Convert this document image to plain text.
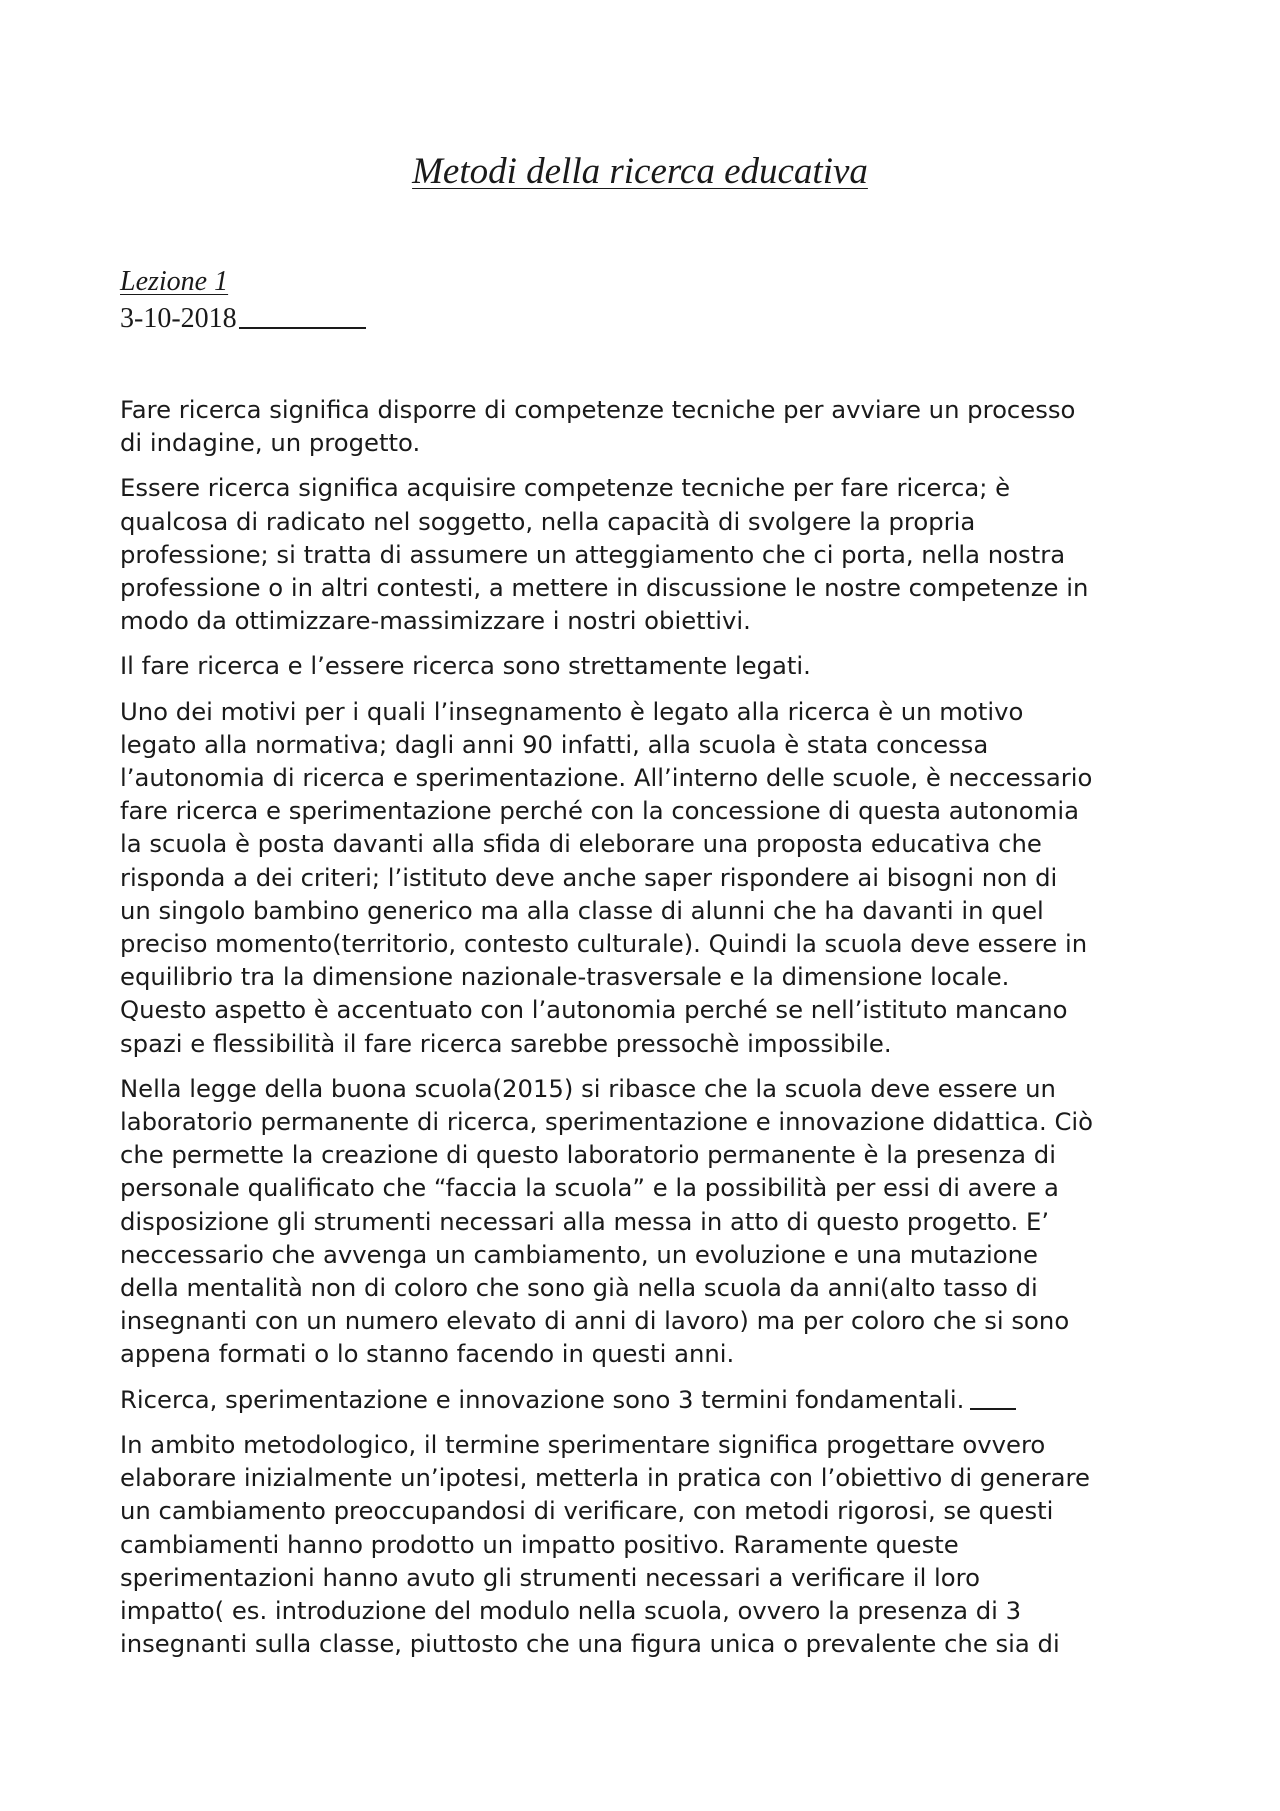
Metodi della ricerca educativa
Lezione 1
3-10-2018

Fare ricerca significa disporre di competenze tecniche per avviare un processo
di indagine, un progetto.

Essere ricerca significa acquisire competenze tecniche per fare ricerca; è
qualcosa di radicato nel soggetto, nella capacità di svolgere la propria
professione; si tratta di assumere un atteggiamento che ci porta, nella nostra
professione o in altri contesti, a mettere in discussione le nostre competenze in
modo da ottimizzare-massimizzare i nostri obiettivi.

Il fare ricerca e l’essere ricerca sono strettamente legati.

Uno dei motivi per i quali l’insegnamento è legato alla ricerca è un motivo
legato alla normativa; dagli anni 90 infatti, alla scuola è stata concessa
l’autonomia di ricerca e sperimentazione. All’interno delle scuole, è neccessario
fare ricerca e sperimentazione perché con la concessione di questa autonomia
la scuola è posta davanti alla sfida di eleborare una proposta educativa che
risponda a dei criteri; l’istituto deve anche saper rispondere ai bisogni non di
un singolo bambino generico ma alla classe di alunni che ha davanti in quel
preciso momento(territorio, contesto culturale). Quindi la scuola deve essere in
equilibrio tra la dimensione nazionale-trasversale e la dimensione locale.
Questo aspetto è accentuato con l’autonomia perché se nell’istituto mancano
spazi e flessibilità il fare ricerca sarebbe pressochè impossibile.

Nella legge della buona scuola(2015) si ribasce che la scuola deve essere un
laboratorio permanente di ricerca, sperimentazione e innovazione didattica. Ciò
che permette la creazione di questo laboratorio permanente è la presenza di
personale qualificato che “faccia la scuola” e la possibilità per essi di avere a
disposizione gli strumenti necessari alla messa in atto di questo progetto. E’
neccessario che avvenga un cambiamento, un evoluzione e una mutazione
della mentalità non di coloro che sono già nella scuola da anni(alto tasso di
insegnanti con un numero elevato di anni di lavoro) ma per coloro che si sono
appena formati o lo stanno facendo in questi anni.

Ricerca, sperimentazione e innovazione sono 3 termini fondamentali.

In ambito metodologico, il termine sperimentare significa progettare ovvero
elaborare inizialmente un’ipotesi, metterla in pratica con l’obiettivo di generare
un cambiamento preoccupandosi di verificare, con metodi rigorosi, se questi
cambiamenti hanno prodotto un impatto positivo. Raramente queste
sperimentazioni hanno avuto gli strumenti necessari a verificare il loro
impatto( es. introduzione del modulo nella scuola, ovvero la presenza di 3
insegnanti sulla classe, piuttosto che una figura unica o prevalente che sia di
